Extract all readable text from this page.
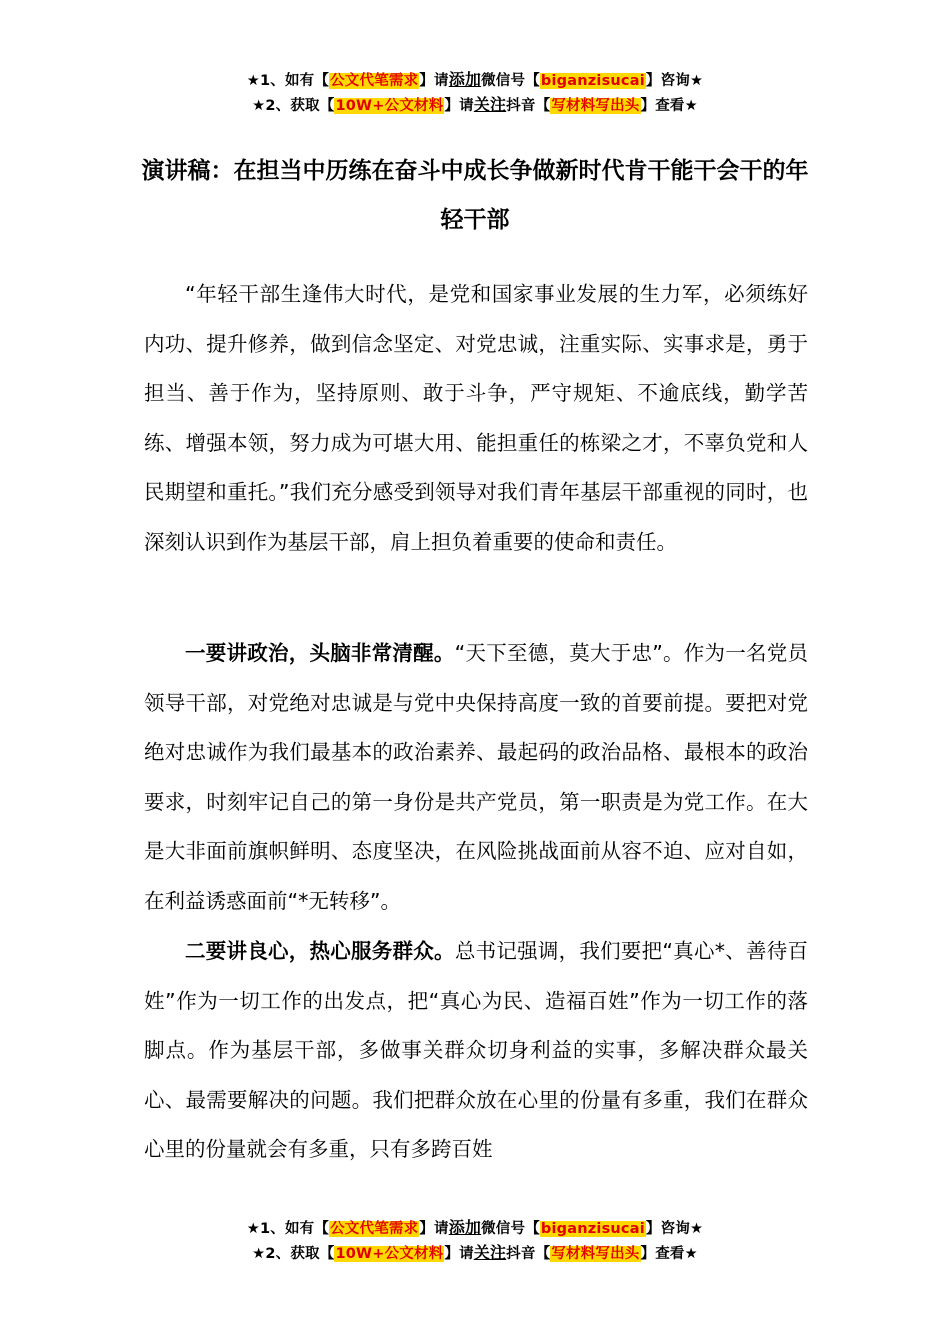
★1、如有【公文代笔需求】请添加微信号【biganzisucai】咨询★
★2、获取【10W+公文材料】请关注抖音【写材料写出头】查看★
演讲稿：在担当中历练在奋斗中成长争做新时代肯干能干会干的年轻干部

“年轻干部生逢伟大时代，是党和国家事业发展的生力军，必须练好内功、提升修养，做到信念坚定、对党忠诚，注重实际、实事求是，勇于担当、善于作为，坚持原则、敢于斗争，严守规矩、不逾底线，勤学苦练、增强本领，努力成为可堪大用、能担重任的栋梁之才，不辜负党和人民期望和重托。”我们充分感受到领导对我们青年基层干部重视的同时，也深刻认识到作为基层干部，肩上担负着重要的使命和责任。

一要讲政治，头脑非常清醒。“天下至德，莫大于忠”。作为一名党员领导干部，对党绝对忠诚是与党中央保持高度一致的首要前提。要把对党绝对忠诚作为我们最基本的政治素养、最起码的政治品格、最根本的政治要求，时刻牢记自己的第一身份是共产党员，第一职责是为党工作。在大是大非面前旗帜鲜明、态度坚决，在风险挑战面前从容不迫、应对自如，在利益诱惑面前“*无转移”。

二要讲良心，热心服务群众。总书记强调，我们要把“真心*、善待百姓”作为一切工作的出发点，把“真心为民、造福百姓”作为一切工作的落脚点。作为基层干部，多做事关群众切身利益的实事，多解决群众最关心、最需要解决的问题。我们把群众放在心里的份量有多重，我们在群众心里的份量就会有多重，只有多跨百姓

★1、如有【公文代笔需求】请添加微信号【biganzisucai】咨询★
★2、获取【10W+公文材料】请关注抖音【写材料写出头】查看★
